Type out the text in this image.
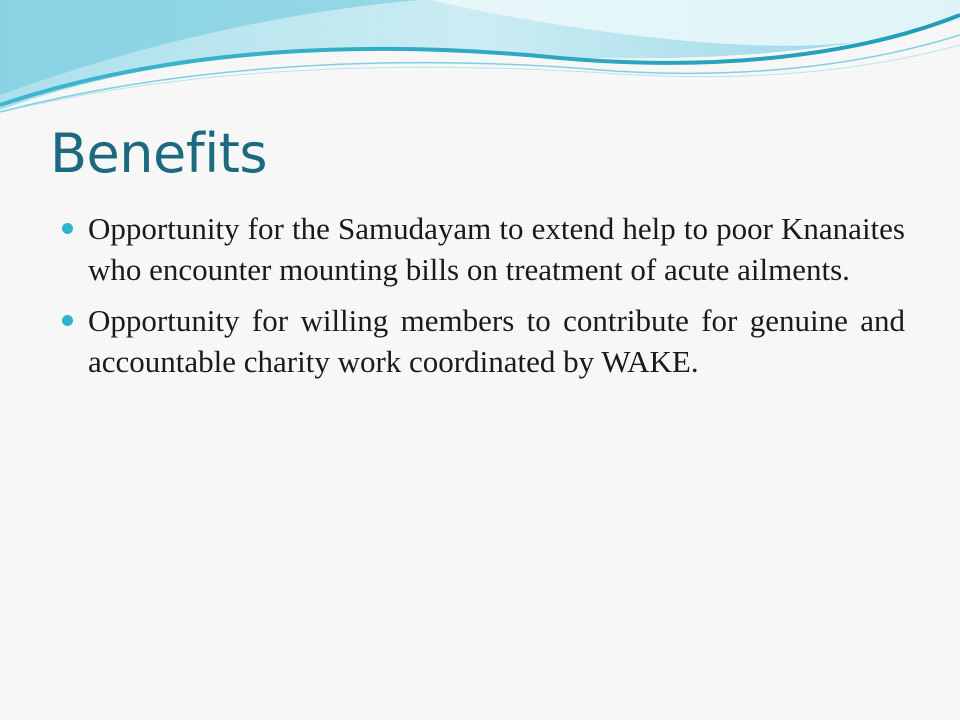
Benefits
Opportunity for the Samudayam to extend help to poor Knanaites who encounter mounting bills on treatment of acute ailments.
Opportunity for willing members to contribute for genuine and accountable charity work coordinated by WAKE.
